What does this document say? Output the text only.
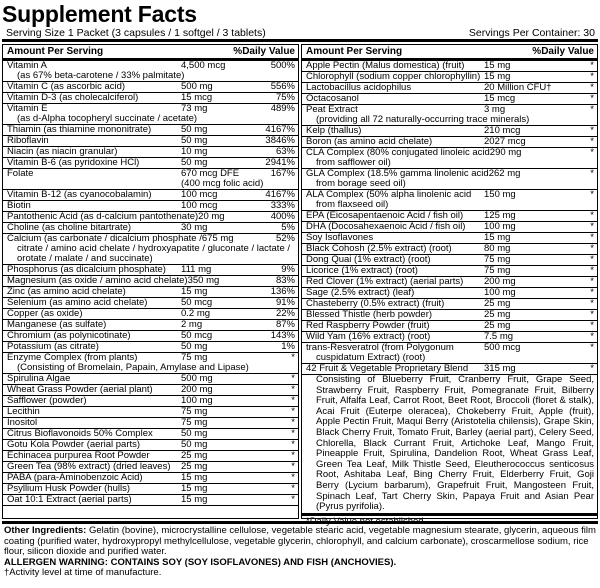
Supplement Facts
Serving Size 1 Packet (3 capsules / 1 softgel / 3 tablets)	Servings Per Container: 30
Amount Per Serving	%Daily Value
Vitamin A	4,500 mcg	500%
(as 67% beta-carotene / 33% palmitate)
Vitamin C (as ascorbic acid)	500 mg	556%
Vitamin D-3 (as cholecalciferol)	15 mcg	75%
Vitamin E	73 mg	489%
(as d-Alpha tocopheryl succinate / acetate)
Thiamin (as thiamine mononitrate)	50 mg	4167%
Riboflavin	50 mg	3846%
Niacin (as niacin granular)	10 mg	63%
Vitamin B-6 (as pyridoxine HCl)	50 mg	2941%
Folate	670 mcg DFE	167%
(400 mcg folic acid)
Vitamin B-12 (as cyanocobalamin)	100 mcg	4167%
Biotin	100 mcg	333%
Pantothenic Acid (as d-calcium pantothenate) 20 mg	400%
Choline (as choline bitartrate)	30 mg	5%
Calcium (as carbonate / dicalcium phosphate / 675 mg	52%
citrate / amino acid chelate / hydroxyapatite / gluconate / lactate / orotate / malate / and succinate)
Phosphorus (as dicalcium phosphate)	111 mg	9%
Magnesium (as oxide / amino acid chelate) 350 mg	83%
Zinc (as amino acid chelate)	15 mg	136%
Selenium (as amino acid chelate)	50 mcg	91%
Copper (as oxide)	0.2 mg	22%
Manganese (as sulfate)	2 mg	87%
Chromium (as polynicotinate)	50 mcg	143%
Potassium (as citrate)	50 mg	1%
Enzyme Complex (from plants)	75 mg	*
(Consisting of Bromelain, Papain, Amylase and Lipase)
Spirulina Algae	500 mg	*
Wheat Grass Powder (aerial plant)	200 mg	*
Safflower (powder)	100 mg	*
Lecithin	75 mg	*
Inositol	75 mg	*
Citrus Bioflavonoids 50% Complex	50 mg	*
Gotu Kola Powder (aerial parts)	50 mg	*
Echinacea purpurea Root Powder	25 mg	*
Green Tea (98% extract) (dried leaves)	25 mg	*
PABA (para-Aminobenzoic Acid)	15 mg	*
Psyllium Husk Powder (hulls)	15 mg	*
Oat 10:1 Extract (aerial parts)	15 mg	*
Amount Per Serving	%Daily Value
Apple Pectin (Malus domestica) (fruit)	15 mg	*
Chlorophyll (sodium copper chlorophyllin) 15 mg	*
Lactobacillus acidophilus	20 Million CFU†	*
Octacosanol	15 mcg	*
Peat Extract	3 mg	*
(providing all 72 naturally-occurring trace minerals)
Kelp (thallus)	210 mcg	*
Boron (as amino acid chelate)	2027 mcg	*
CLA Complex (80% conjugated linoleic acid 290 mg	*
from safflower oil)
GLA Complex (18.5% gamma linolenic acid 262 mg	*
from borage seed oil)
ALA Complex (50% alpha linolenic acid	150 mg	*
from flaxseed oil)
EPA (Eicosapentaenoic Acid / fish oil)	125 mg	*
DHA (Docosahexaenoic Acid / fish oil)	100 mg	*
Soy Isoflavones	15 mg	*
Black Cohosh (2.5% extract) (root)	80 mg	*
Dong Quai (1% extract) (root)	75 mg	*
Licorice (1% extract) (root)	75 mg	*
Red Clover (1% extract) (aerial parts)	200 mg	*
Sage (2.5% extract) (leaf)	100 mg	*
Chasteberry (0.5% extract) (fruit)	25 mg	*
Blessed Thistle (herb powder)	25 mg	*
Red Raspberry Powder (fruit)	25 mg	*
Wild Yam (16% extract) (root)	7.5 mg	*
trans-Resveratrol (from Polygonum	500 mcg	*
cuspidatum Extract) (root)
42 Fruit & Vegetable Proprietary Blend	315 mg	*
Consisting of Blueberry Fruit, Cranberry Fruit, Grape Seed, Strawberry Fruit, Raspberry Fruit, Pomegranate Fruit, Bilberry Fruit, Alfalfa Leaf, Carrot Root, Beet Root, Broccoli (floret & stalk), Acai Fruit (Euterpe oleracea), Chokeberry Fruit, Apple (fruit), Apple Pectin Fruit, Maqui Berry (Aristotelia chilensis), Grape Skin, Black Cherry Fruit, Tomato Fruit, Barley (aerial part), Celery Seed, Chlorella, Black Currant Fruit, Artichoke Leaf, Mango Fruit, Pineapple Fruit, Spirulina, Dandelion Root, Wheat Grass Leaf, Green Tea Leaf, Milk Thistle Seed, Eleutherococcus senticosus Root, Ashitaba Leaf, Bing Cherry Fruit, Elderberry Fruit, Goji Berry (Lycium barbarum), Grapefruit Fruit, Mangosteen Fruit, Spinach Leaf, Tart Cherry Skin, Papaya Fruit and Asian Pear (Pyrus pyrifolia).
*Daily Value not established.
Other Ingredients: Gelatin (bovine), microcrystalline cellulose, vegetable stearic acid, vegetable magnesium stearate, glycerin, aqueous film coating (purified water, hydroxypropyl methylcellulose, vegetable glycerin, chlorophyll, and calcium carbonate), croscarmellose sodium, rice flour, silicon dioxide and purified water.
ALLERGEN WARNING: CONTAINS SOY (SOY ISOFLAVONES) AND FISH (ANCHOVIES).
†Activity level at time of manufacture.
